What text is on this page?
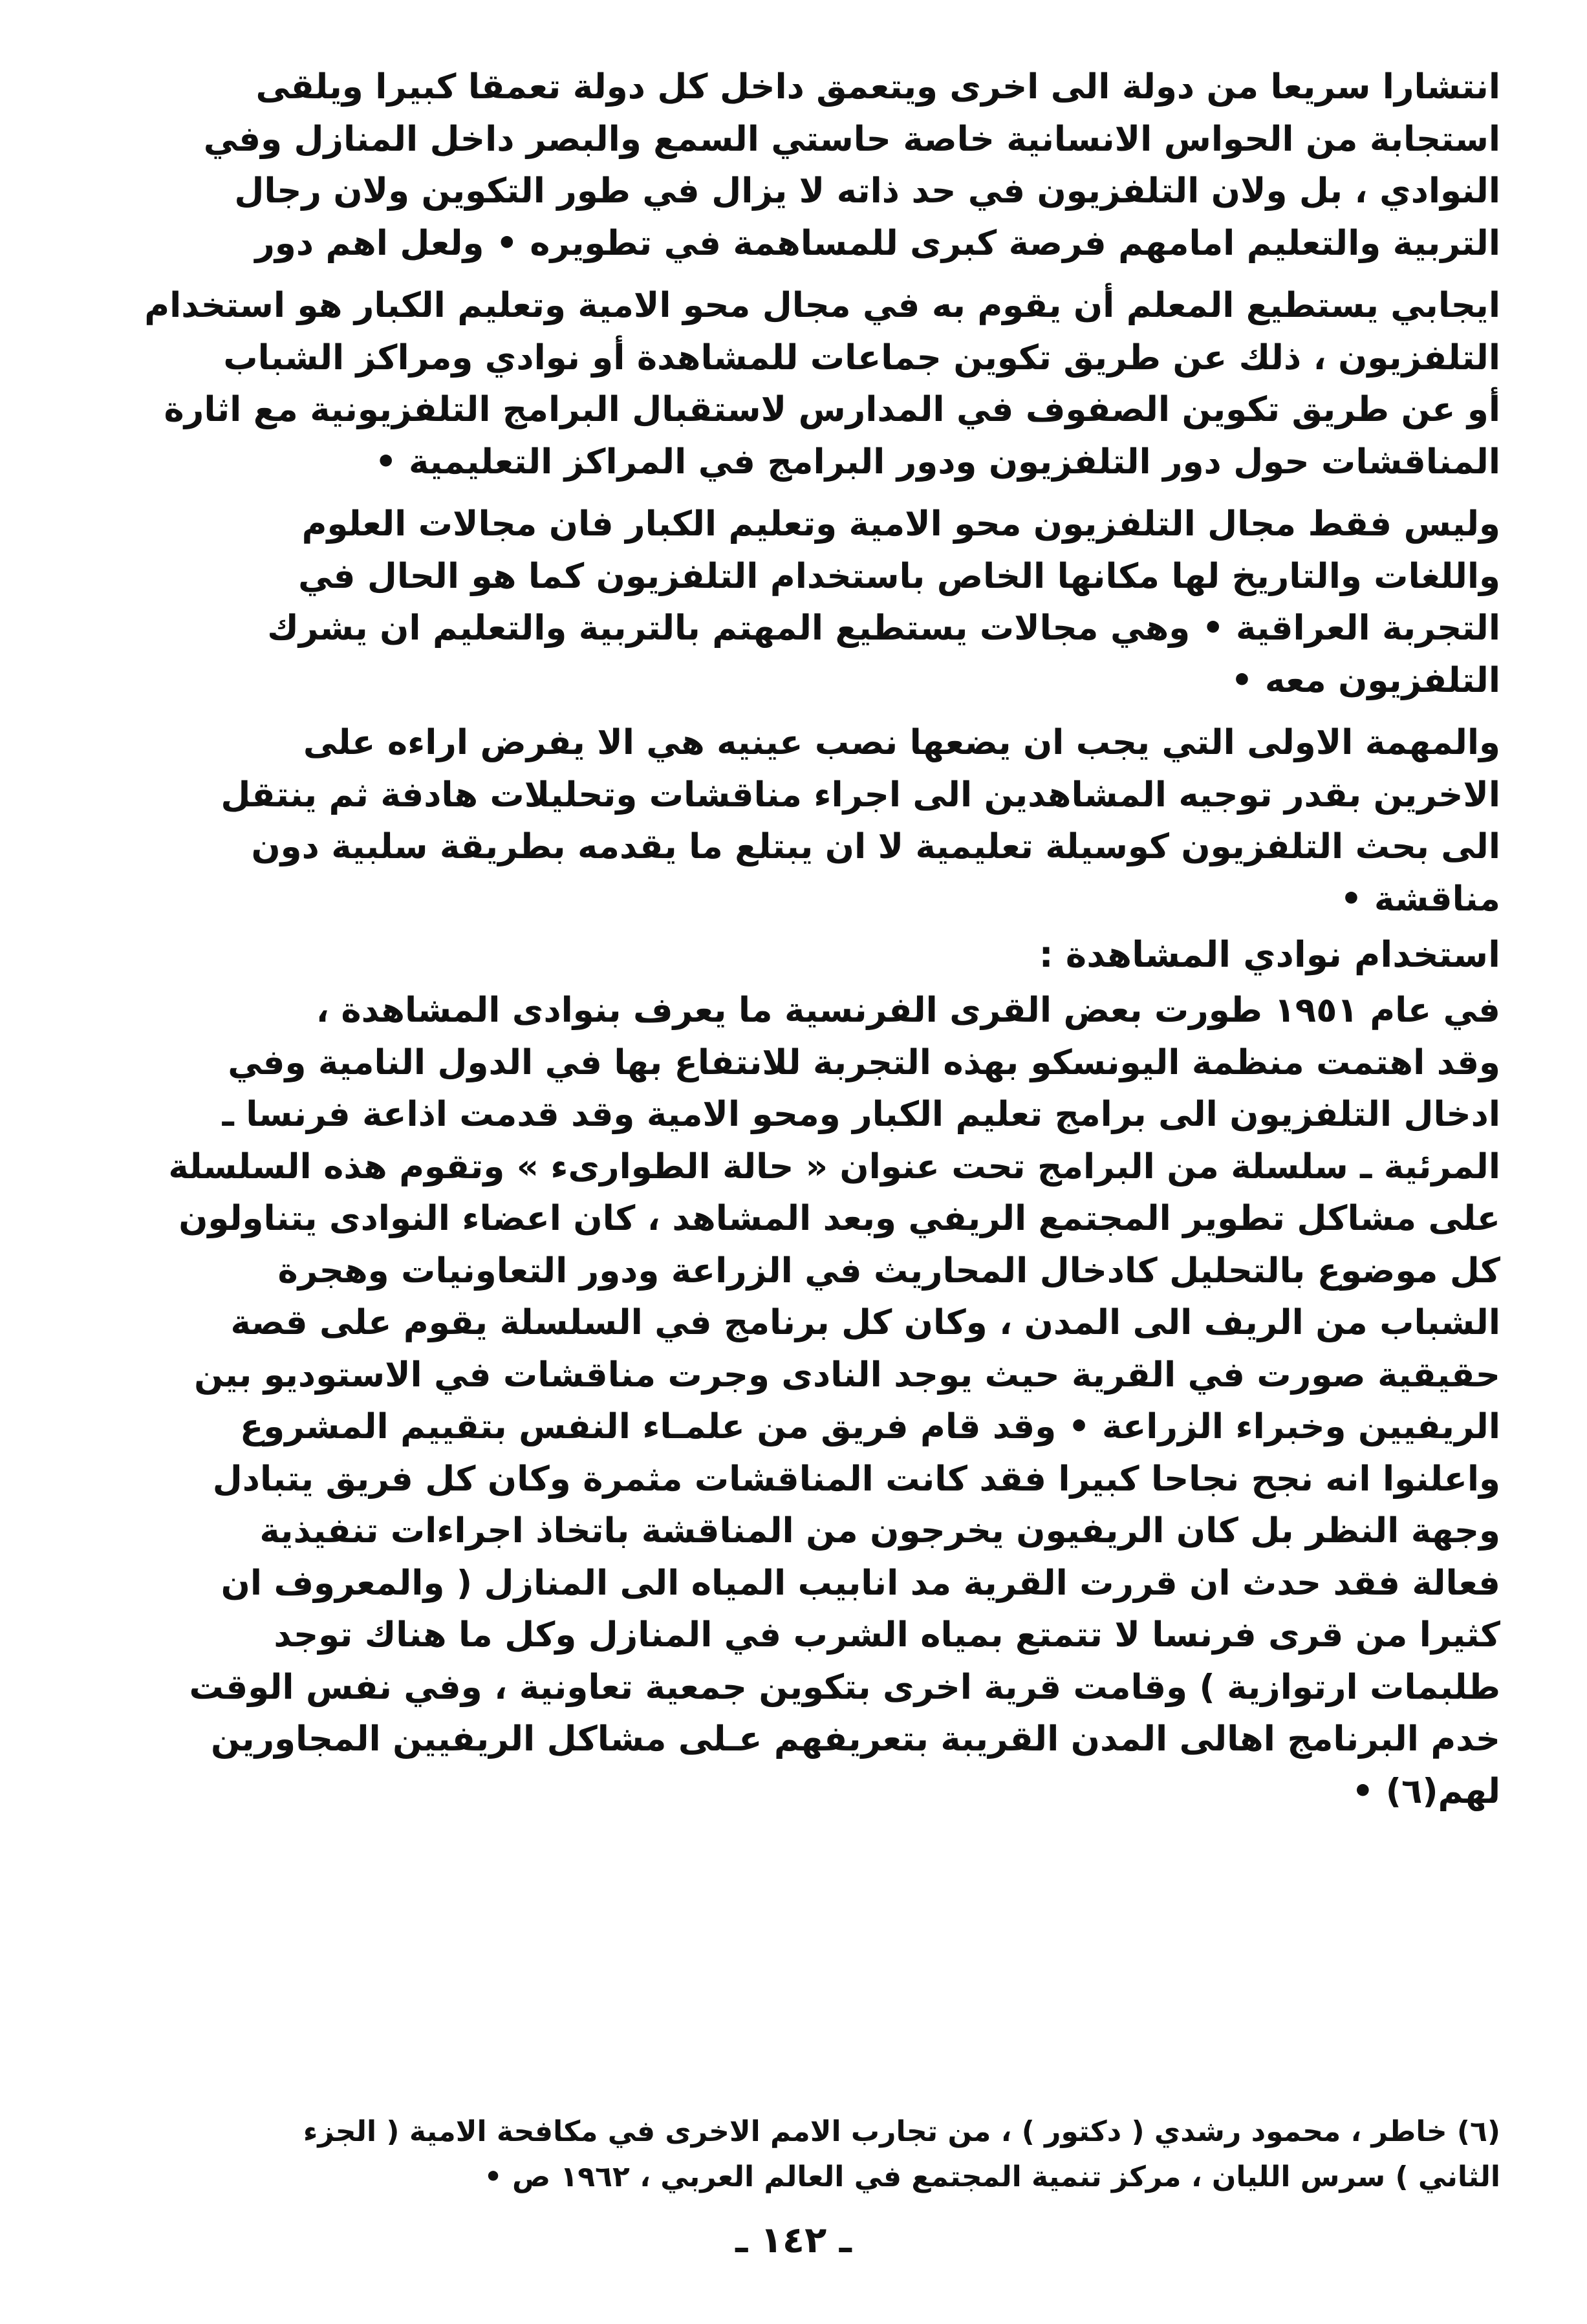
انتشارا سريعا من دولة الى اخرى ويتعمق داخل كل دولة تعمقا كبيرا ويلقى
استجابة من الحواس الانسانية خاصة حاستي السمع والبصر داخل المنازل وفي
النوادي ، بل ولان التلفزيون في حد ذاته لا يزال في طور التكوين ولان رجال
التربية والتعليم امامهم فرصة كبرى للمساهمة في تطويره • ولعل اهم دور

ايجابي يستطيع المعلم أن يقوم به في مجال محو الامية وتعليم الكبار هو استخدام
التلفزيون ، ذلك عن طريق تكوين جماعات للمشاهدة أو نوادي ومراكز الشباب
أو عن طريق تكوين الصفوف في المدارس لاستقبال البرامج التلفزيونية مع اثارة
المناقشات حول دور التلفزيون ودور البرامج في المراكز التعليمية •

وليس فقط مجال التلفزيون محو الامية وتعليم الكبار فان مجالات العلوم
واللغات والتاريخ لها مكانها الخاص باستخدام التلفزيون كما هو الحال في
التجربة العراقية • وهي مجالات يستطيع المهتم بالتربية والتعليم ان يشرك
التلفزيون معه •

والمهمة الاولى التي يجب ان يضعها نصب عينيه هي الا يفرض اراءه على
الاخرين بقدر توجيه المشاهدين الى اجراء مناقشات وتحليلات هادفة ثم ينتقل
الى بحث التلفزيون كوسيلة تعليمية لا ان يبتلع ما يقدمه بطريقة سلبية دون
مناقشة •

استخدام نوادي المشاهدة :

في عام ١٩٥١ طورت بعض القرى الفرنسية ما يعرف بنوادى المشاهدة ،
وقد اهتمت منظمة اليونسكو بهذه التجربة للانتفاع بها في الدول النامية وفي
ادخال التلفزيون الى برامج تعليم الكبار ومحو الامية وقد قدمت اذاعة فرنسا ـ
المرئية ـ سلسلة من البرامج تحت عنوان « حالة الطوارىء » وتقوم هذه السلسلة
على مشاكل تطوير المجتمع الريفي وبعد المشاهد ، كان اعضاء النوادى يتناولون
كل موضوع بالتحليل كادخال المحاريث في الزراعة ودور التعاونيات وهجرة
الشباب من الريف الى المدن ، وكان كل برنامج في السلسلة يقوم على قصة
حقيقية صورت في القرية حيث يوجد النادى وجرت مناقشات في الاستوديو بين
الريفيين وخبراء الزراعة • وقد قام فريق من علمـاء النفس بتقييم المشروع
واعلنوا انه نجح نجاحا كبيرا فقد كانت المناقشات مثمرة وكان كل فريق يتبادل
وجهة النظر بل كان الريفيون يخرجون من المناقشة باتخاذ اجراءات تنفيذية
فعالة فقد حدث ان قررت القرية مد انابيب المياه الى المنازل ( والمعروف ان
كثيرا من قرى فرنسا لا تتمتع بمياه الشرب في المنازل وكل ما هناك توجد
طلبمات ارتوازية ) وقامت قرية اخرى بتكوين جمعية تعاونية ، وفي نفس الوقت
خدم البرنامج اهالى المدن القريبة بتعريفهم عـلى مشاكل الريفيين المجاورين
لهم(٦) •

(٦) خاطر ، محمود رشدي ( دكتور ) ، من تجارب الامم الاخرى في مكافحة الامية ( الجزء
الثاني ) سرس الليان ، مركز تنمية المجتمع في العالم العربي ، ١٩٦٢ ص •
ـ ١٤٢ ـ
